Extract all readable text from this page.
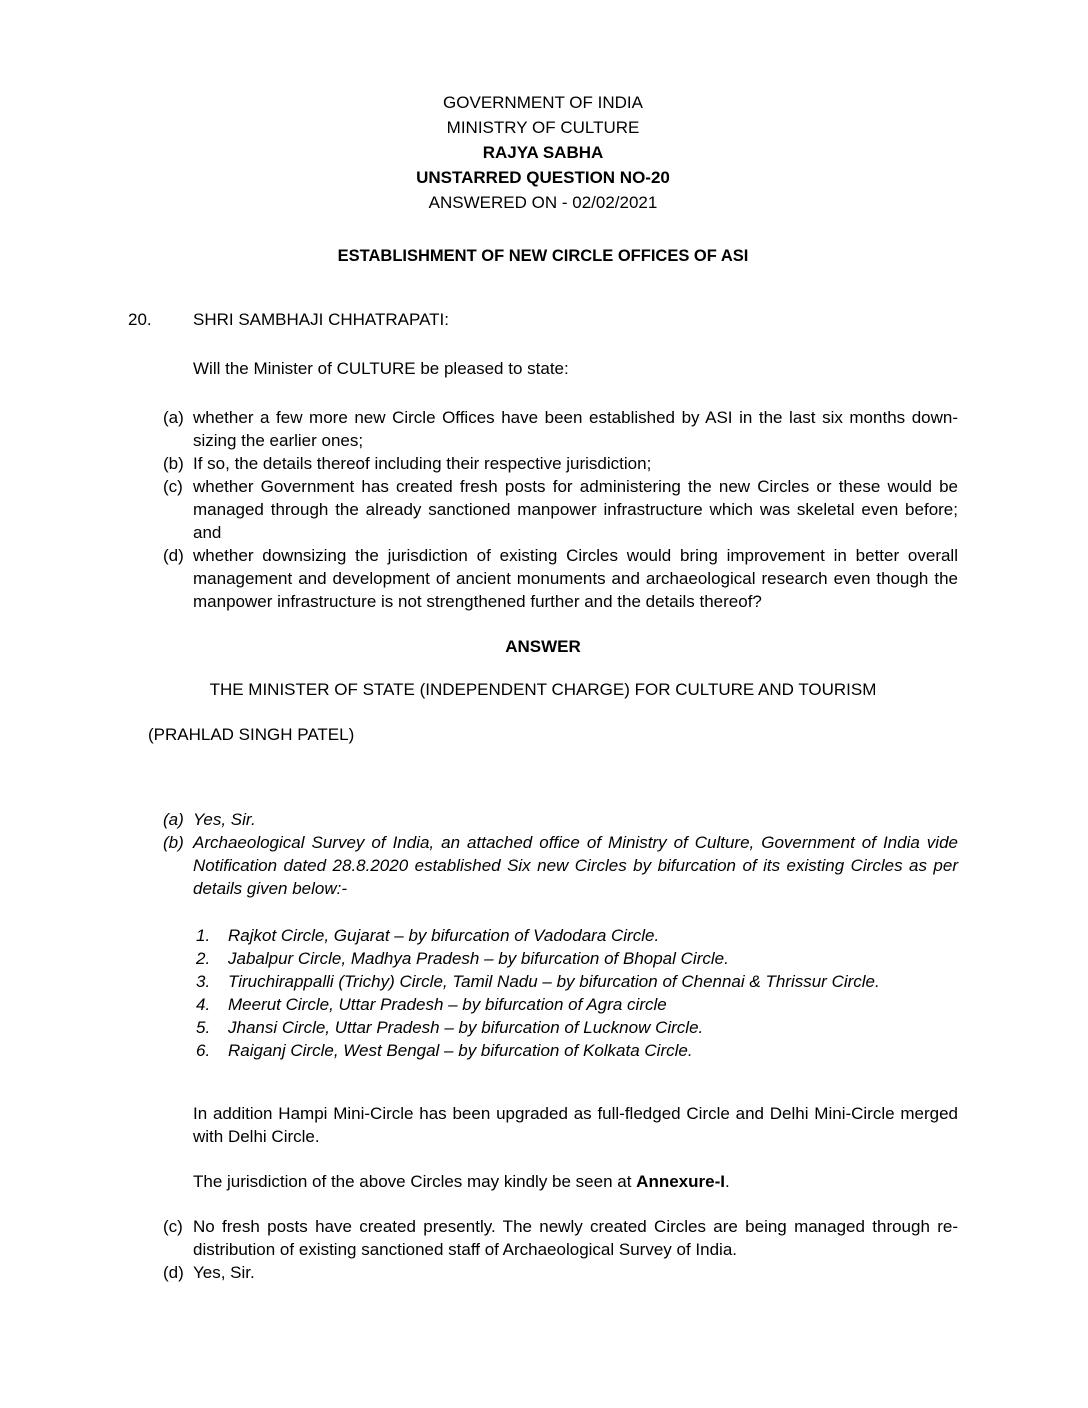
GOVERNMENT OF INDIA
MINISTRY OF CULTURE
RAJYA SABHA
UNSTARRED QUESTION NO-20
ANSWERED ON - 02/02/2021
ESTABLISHMENT OF NEW CIRCLE OFFICES OF ASI
20.	SHRI SAMBHAJI CHHATRAPATI:

Will the Minister of CULTURE be pleased to state:

(a) whether a few more new Circle Offices have been established by ASI in the last six months down-sizing the earlier ones;
(b) If so, the details thereof including their respective jurisdiction;
(c) whether Government has created fresh posts for administering the new Circles or these would be managed through the already sanctioned manpower infrastructure which was skeletal even before; and
(d) whether downsizing the jurisdiction of existing Circles would bring improvement in better overall management and development of ancient monuments and archaeological research even though the manpower infrastructure is not strengthened further and the details thereof?
ANSWER
THE MINISTER OF STATE (INDEPENDENT CHARGE) FOR CULTURE AND TOURISM
(PRAHLAD SINGH PATEL)
(a) Yes, Sir.
(b) Archaeological Survey of India, an attached office of Ministry of Culture, Government of India vide Notification dated 28.8.2020 established Six new Circles by bifurcation of its existing Circles as per details given below:-
1.	Rajkot Circle, Gujarat – by bifurcation of Vadodara Circle.
2.	Jabalpur Circle, Madhya Pradesh – by bifurcation of Bhopal Circle.
3.	Tiruchirappalli (Trichy) Circle, Tamil Nadu – by bifurcation of Chennai & Thrissur Circle.
4.	Meerut Circle, Uttar Pradesh – by bifurcation of Agra circle
5.	Jhansi Circle, Uttar Pradesh – by bifurcation of Lucknow Circle.
6.	Raiganj Circle, West Bengal – by bifurcation of Kolkata Circle.

In addition Hampi Mini-Circle has been upgraded as full-fledged Circle and Delhi Mini-Circle merged with Delhi Circle.

The jurisdiction of the above Circles may kindly be seen at Annexure-I.

(c) No fresh posts have created presently. The newly created Circles are being managed through re-distribution of existing sanctioned staff of Archaeological Survey of India.
(d) Yes, Sir.
